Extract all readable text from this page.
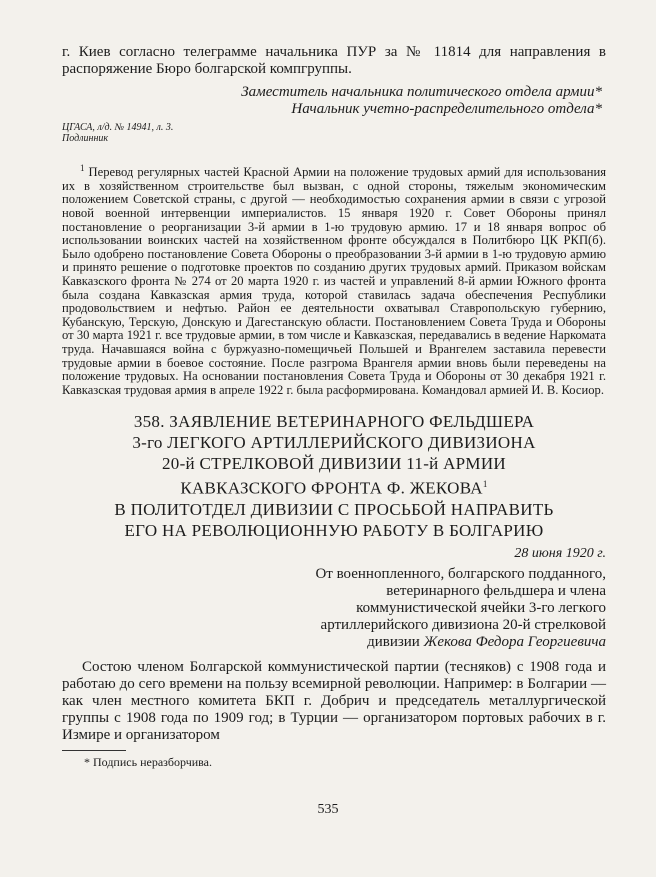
г. Киев согласно телеграмме начальника ПУР за № 11814 для направления в распоряжение Бюро болгарской компгруппы.

Заместитель начальника политического отдела армии*
Начальник учетно-распределительного отдела*
ЦГАСА, л/д. № 14941, л. 3.
Подлинник
$^1$ Перевод регулярных частей Красной Армии на положение трудовых армий для использования их в хозяйственном строительстве был вызван, с одной стороны, тяжелым экономическим положением Советской страны, с другой — необходимостью сохранения армии в связи с угрозой новой военной интервенции империалистов. 15 января 1920 г. Совет Обороны принял постановление о реорганизации 3-й армии в 1-ю трудовую армию. 17 и 18 января вопрос об использовании воинских частей на хозяйственном фронте обсуждался в Политбюро ЦК РКП(б). Было одобрено постановление Совета Обороны о преобразовании 3-й армии в 1-ю трудовую армию и принято решение о подготовке проектов по созданию других трудовых армий. Приказом войскам Кавказского фронта № 274 от 20 марта 1920 г. из частей и управлений 8-й армии Южного фронта была создана Кавказская армия труда, которой ставилась задача обеспечения Республики продовольствием и нефтью. Район ее деятельности охватывал Ставропольскую губернию, Кубанскую, Терскую, Донскую и Дагестанскую области. Постановлением Совета Труда и Обороны от 30 марта 1921 г. все трудовые армии, в том числе и Кавказская, передавались в ведение Наркомата труда. Начавшаяся война с буржуазно-помещичьей Польшей и Врангелем заставила перевести трудовые армии в боевое состояние. После разгрома Врангеля армии вновь были переведены на положение трудовых. На основании постановления Совета Труда и Обороны от 30 декабря 1921 г. Кавказская трудовая армия в апреле 1922 г. была расформирована. Командовал армией И. В. Косиор.
358. ЗАЯВЛЕНИЕ ВЕТЕРИНАРНОГО ФЕЛЬДШЕРА
3-го ЛЕГКОГО АРТИЛЛЕРИЙСКОГО ДИВИЗИОНА
20-й СТРЕЛКОВОЙ ДИВИЗИИ 11-й АРМИИ
КАВКАЗСКОГО ФРОНТА Ф. ЖЕКОВА$^1$
В ПОЛИТОТДЕЛ ДИВИЗИИ С ПРОСЬБОЙ НАПРАВИТЬ
ЕГО НА РЕВОЛЮЦИОННУЮ РАБОТУ В БОЛГАРИЮ
28 июня 1920 г.
От военнопленного, болгарского подданного,
ветеринарного фельдшера и члена
коммунистической ячейки 3-го легкого
артиллерийского дивизиона 20-й стрелковой
дивизии Жекова Федора Георгиевича

Состою членом Болгарской коммунистической партии (тесняков) с 1908 года и работаю до сего времени на пользу всемирной революции. Например: в Болгарии — как член местного комитета БКП г. Добрич и председатель металлургической группы с 1908 года по 1909 год; в Турции — организатором портовых рабочих в г. Измире и организатором

* Подпись неразборчива.
535
